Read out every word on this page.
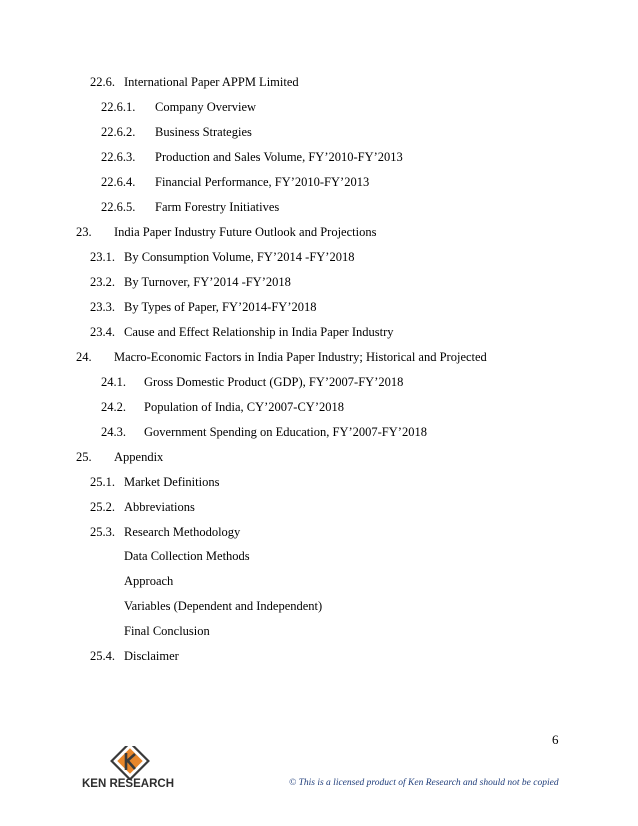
22.6. International Paper APPM Limited
22.6.1. Company Overview
22.6.2. Business Strategies
22.6.3. Production and Sales Volume, FY’2010-FY’2013
22.6.4. Financial Performance, FY’2010-FY’2013
22.6.5. Farm Forestry Initiatives
23. India Paper Industry Future Outlook and Projections
23.1. By Consumption Volume, FY’2014 -FY’2018
23.2. By Turnover, FY’2014 -FY’2018
23.3. By Types of Paper, FY’2014-FY’2018
23.4. Cause and Effect Relationship in India Paper Industry
24. Macro-Economic Factors in India Paper Industry; Historical and Projected
24.1. Gross Domestic Product (GDP), FY’2007-FY’2018
24.2. Population of India, CY’2007-CY’2018
24.3. Government Spending on Education, FY’2007-FY’2018
25. Appendix
25.1. Market Definitions
25.2. Abbreviations
25.3. Research Methodology
Data Collection Methods
Approach
Variables (Dependent and Independent)
Final Conclusion
25.4. Disclaimer
6
KEN RESEARCH	© This is a licensed product of Ken Research and should not be copied
